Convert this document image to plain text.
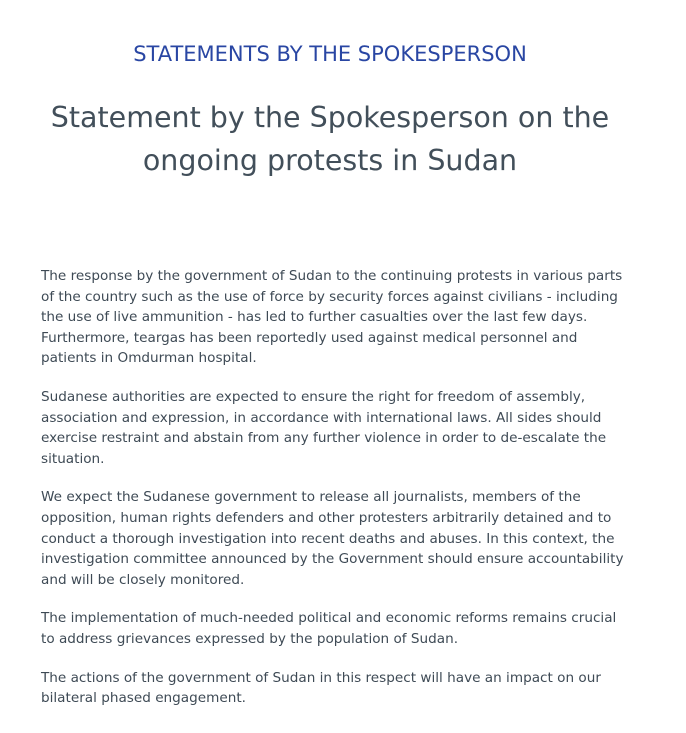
STATEMENTS BY THE SPOKESPERSON
Statement by the Spokesperson on the ongoing protests in Sudan

The response by the government of Sudan to the continuing protests in various parts of the country such as the use of force by security forces against civilians - including the use of live ammunition - has led to further casualties over the last few days. Furthermore, teargas has been reportedly used against medical personnel and patients in Omdurman hospital.

Sudanese authorities are expected to ensure the right for freedom of assembly, association and expression, in accordance with international laws. All sides should exercise restraint and abstain from any further violence in order to de-escalate the situation.

We expect the Sudanese government to release all journalists, members of the opposition, human rights defenders and other protesters arbitrarily detained and to conduct a thorough investigation into recent deaths and abuses. In this context, the investigation committee announced by the Government should ensure accountability and will be closely monitored.

The implementation of much-needed political and economic reforms remains crucial to address grievances expressed by the population of Sudan.

The actions of the government of Sudan in this respect will have an impact on our bilateral phased engagement.
